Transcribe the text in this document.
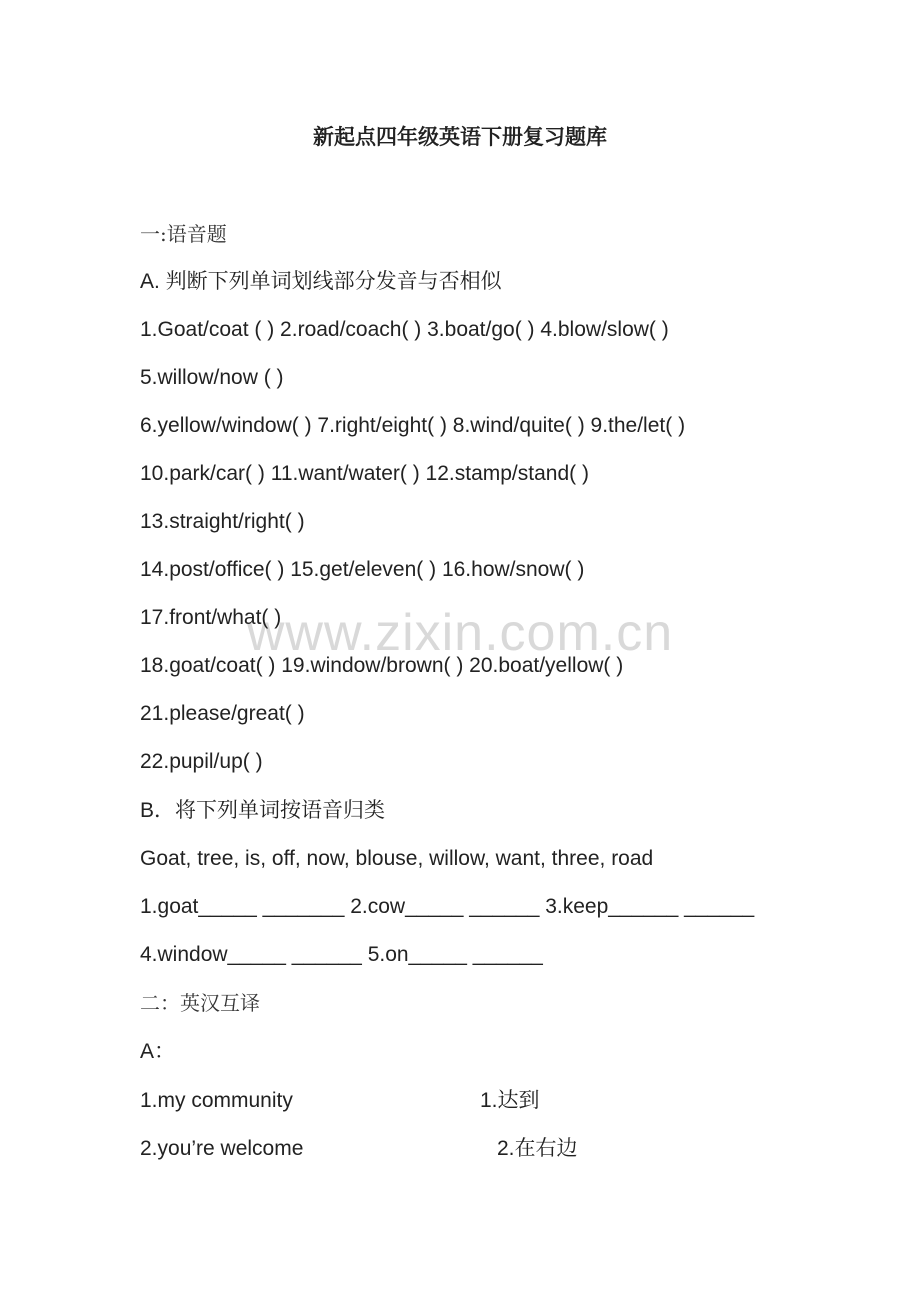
www.zixin.com.cn
新起点四年级英语下册复习题库
一:语音题
A. 判断下列单词划线部分发音与否相似
1.Goat/coat ( ) 2.road/coach( ) 3.boat/go( ) 4.blow/slow( )
5.willow/now ( )
6.yellow/window( ) 7.right/eight( ) 8.wind/quite( ) 9.the/let( )
10.park/car( ) 11.want/water( ) 12.stamp/stand( )
13.straight/right( )
14.post/office( ) 15.get/eleven( ) 16.how/snow( )
17.front/what( )
18.goat/coat( ) 19.window/brown( ) 20.boat/yellow( )
21.please/great( )
22.pupil/up( )
B．将下列单词按语音归类
Goat, tree, is, off, now, blouse, willow, want, three, road
1.goat_____ _______ 2.cow_____ ______ 3.keep______ ______
4.window_____ ______ 5.on_____ ______
二：英汉互译
A：
1.my community	1.达到
2.you’re welcome	2.在右边
